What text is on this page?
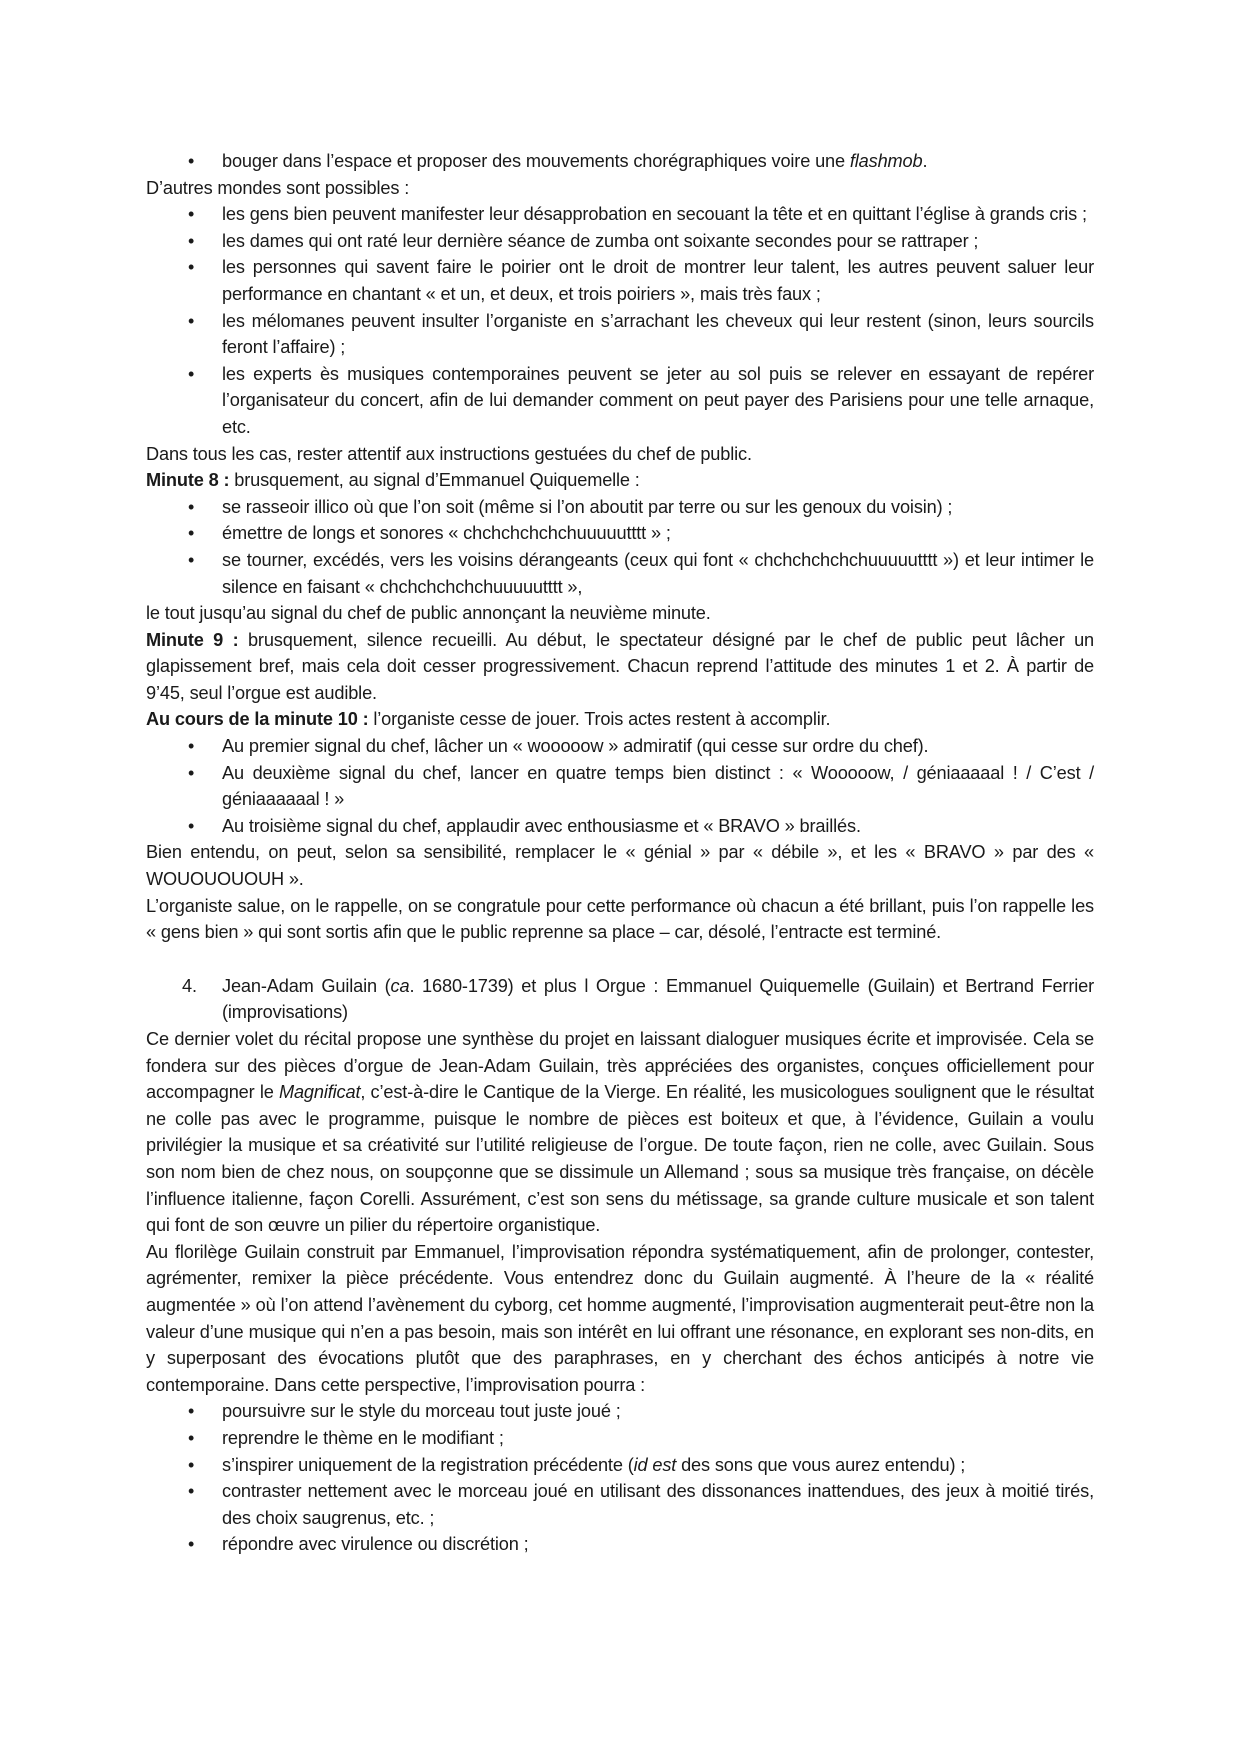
• bouger dans l’espace et proposer des mouvements chorégraphiques voire une flashmob.

D’autres mondes sont possibles :

• les gens bien peuvent manifester leur désapprobation en secouant la tête et en quittant l’église à grands cris ;
• les dames qui ont raté leur dernière séance de zumba ont soixante secondes pour se rattraper ;
• les personnes qui savent faire le poirier ont le droit de montrer leur talent, les autres peuvent saluer leur performance en chantant « et un, et deux, et trois poiriers », mais très faux ;
• les mélomanes peuvent insulter l’organiste en s’arrachant les cheveux qui leur restent (sinon, leurs sourcils feront l’affaire) ;
• les experts ès musiques contemporaines peuvent se jeter au sol puis se relever en essayant de repérer l’organisateur du concert, afin de lui demander comment on peut payer des Parisiens pour une telle arnaque, etc.

Dans tous les cas, rester attentif aux instructions gestuées du chef de public.

Minute 8 : brusquement, au signal d’Emmanuel Quiquemelle :

• se rasseoir illico où que l’on soit (même si l’on aboutit par terre ou sur les genoux du voisin) ;
• émettre de longs et sonores « chchchchchchuuuuutttt » ;
• se tourner, excédés, vers les voisins dérangeants (ceux qui font « chchchchchchuuuuutttt ») et leur intimer le silence en faisant « chchchchchchuuuuutttt »,

le tout jusqu’au signal du chef de public annonçant la neuvième minute.

Minute 9 : brusquement, silence recueilli. Au début, le spectateur désigné par le chef de public peut lâcher un glapissement bref, mais cela doit cesser progressivement. Chacun reprend l’attitude des minutes 1 et 2. À partir de 9’45, seul l’orgue est audible.

Au cours de la minute 10 : l’organiste cesse de jouer. Trois actes restent à accomplir.

• Au premier signal du chef, lâcher un « wooooow » admiratif (qui cesse sur ordre du chef).
• Au deuxième signal du chef, lancer en quatre temps bien distinct : « Wooooow, / géniaaaaal ! / C’est / géniaaaaaal ! »
• Au troisième signal du chef, applaudir avec enthousiasme et « BRAVO » braillés.

Bien entendu, on peut, selon sa sensibilité, remplacer le « génial » par « débile », et les « BRAVO » par des « WOUOUOUOUH ».

L’organiste salue, on le rappelle, on se congratule pour cette performance où chacun a été brillant, puis l’on rappelle les « gens bien » qui sont sortis afin que le public reprenne sa place – car, désolé, l’entracte est terminé.

4. Jean-Adam Guilain (ca. 1680-1739) et plus l Orgue : Emmanuel Quiquemelle (Guilain) et Bertrand Ferrier (improvisations)

Ce dernier volet du récital propose une synthèse du projet en laissant dialoguer musiques écrite et improvisée. Cela se fondera sur des pièces d’orgue de Jean-Adam Guilain, très appréciées des organistes, conçues officiellement pour accompagner le Magnificat, c’est-à-dire le Cantique de la Vierge. En réalité, les musicologues soulignent que le résultat ne colle pas avec le programme, puisque le nombre de pièces est boiteux et que, à l’évidence, Guilain a voulu privilégier la musique et sa créativité sur l’utilité religieuse de l’orgue. De toute façon, rien ne colle, avec Guilain. Sous son nom bien de chez nous, on soupçonne que se dissimule un Allemand ; sous sa musique très française, on décèle l’influence italienne, façon Corelli. Assurément, c’est son sens du métissage, sa grande culture musicale et son talent qui font de son œuvre un pilier du répertoire organistique.

Au florilège Guilain construit par Emmanuel, l’improvisation répondra systématiquement, afin de prolonger, contester, agrémenter, remixer la pièce précédente. Vous entendrez donc du Guilain augmenté. À l’heure de la « réalité augmentée » où l’on attend l’avènement du cyborg, cet homme augmenté, l’improvisation augmenterait peut-être non la valeur d’une musique qui n’en a pas besoin, mais son intérêt en lui offrant une résonance, en explorant ses non-dits, en y superposant des évocations plutôt que des paraphrases, en y cherchant des échos anticipés à notre vie contemporaine. Dans cette perspective, l’improvisation pourra :

• poursuivre sur le style du morceau tout juste joué ;
• reprendre le thème en le modifiant ;
• s’inspirer uniquement de la registration précédente (id est des sons que vous aurez entendu) ;
• contraster nettement avec le morceau joué en utilisant des dissonances inattendues, des jeux à moitié tirés, des choix saugrenus, etc. ;
• répondre avec virulence ou discrétion ;
